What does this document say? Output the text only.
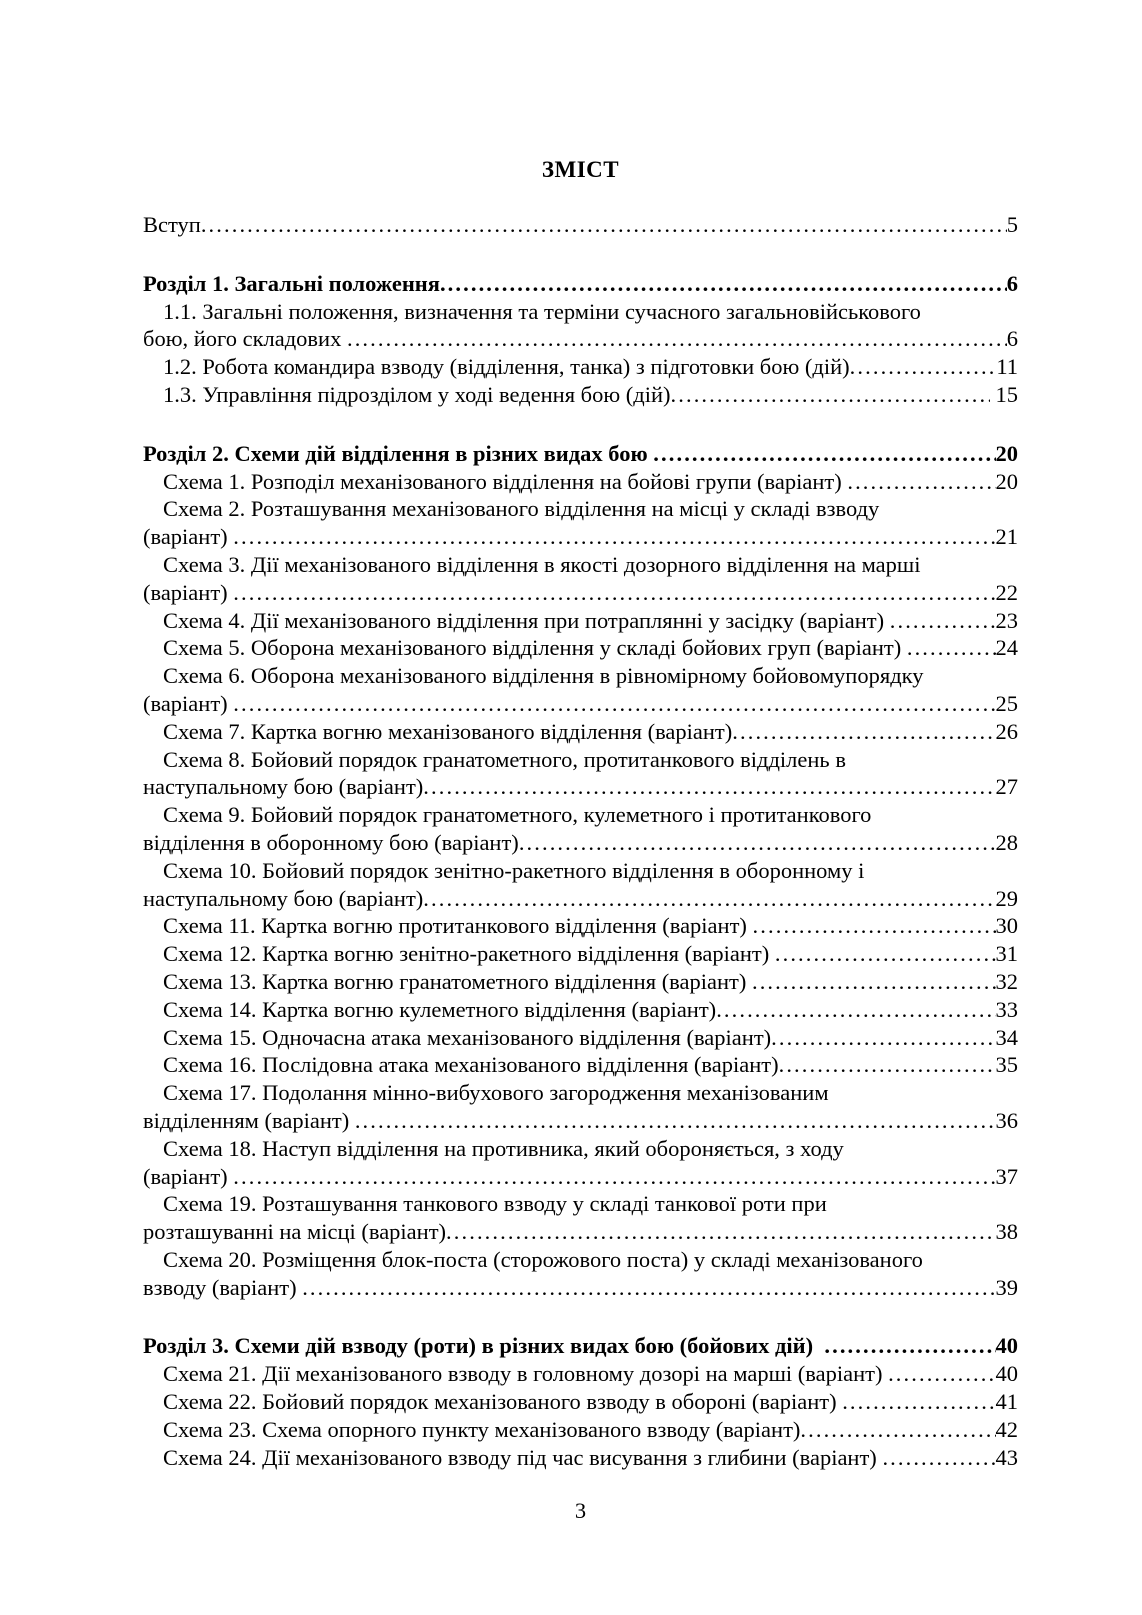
ЗМІСТ
Вступ .....	5
Розділ 1. Загальні положення .....	6
1.1. Загальні положення, визначення та терміни сучасного загальновійськового
бою, його складових .....	6
1.2. Робота командира взводу (відділення, танка) з підготовки бою (дій) .....	11
1.3. Управління підрозділом у ході ведення бою (дій) .....	15
Розділ 2. Схеми дій відділення в різних видах бою .....	20
Схема 1. Розподіл механізованого відділення на бойові групи (варіант) .....	20
Схема 2. Розташування механізованого відділення на місці у складі взводу
(варіант) .....	21
Схема 3. Дії механізованого відділення в якості дозорного відділення на марші
(варіант) .....	22
Схема 4. Дії механізованого відділення при потраплянні у засідку (варіант) .....	23
Схема 5. Оборона механізованого відділення у складі бойових груп (варіант) .....	24
Схема 6. Оборона механізованого відділення в рівномірному бойовомупорядку
(варіант) .....	25
Схема 7. Картка вогню механізованого відділення (варіант) .....	26
Схема 8. Бойовий порядок гранатометного, протитанкового відділень в
наступальному бою (варіант) .....	27
Схема 9. Бойовий порядок гранатометного, кулеметного і протитанкового
відділення в оборонному бою (варіант) .....	28
Схема 10. Бойовий порядок зенітно-ракетного відділення в оборонному і
наступальному бою (варіант) .....	29
Схема 11. Картка вогню протитанкового відділення (варіант) .....	30
Схема 12. Картка вогню зенітно-ракетного відділення (варіант) .....	31
Схема 13. Картка вогню гранатометного відділення (варіант) .....	32
Схема 14. Картка вогню кулеметного відділення (варіант) .....	33
Схема 15. Одночасна атака механізованого відділення (варіант) .....	34
Схема 16. Послідовна атака механізованого відділення (варіант) .....	35
Схема 17. Подолання мінно-вибухового загородження механізованим
відділенням (варіант) .....	36
Схема 18. Наступ відділення на противника, який обороняється, з ходу
(варіант) .....	37
Схема 19. Розташування танкового взводу у складі танкової роти при
розташуванні на місці (варіант) .....	38
Схема 20. Розміщення блок-поста (сторожового поста) у складі механізованого
взводу (варіант) .....	39
Розділ 3. Схеми дій взводу (роти) в різних видах бою (бойових дій) .....	40
Схема 21. Дії механізованого взводу в головному дозорі на марші (варіант) .....	40
Схема 22. Бойовий порядок механізованого взводу в обороні (варіант) .....	41
Схема 23. Схема опорного пункту механізованого взводу (варіант) .....	42
Схема 24. Дії механізованого взводу під час висування з глибини (варіант) .....	43
3
